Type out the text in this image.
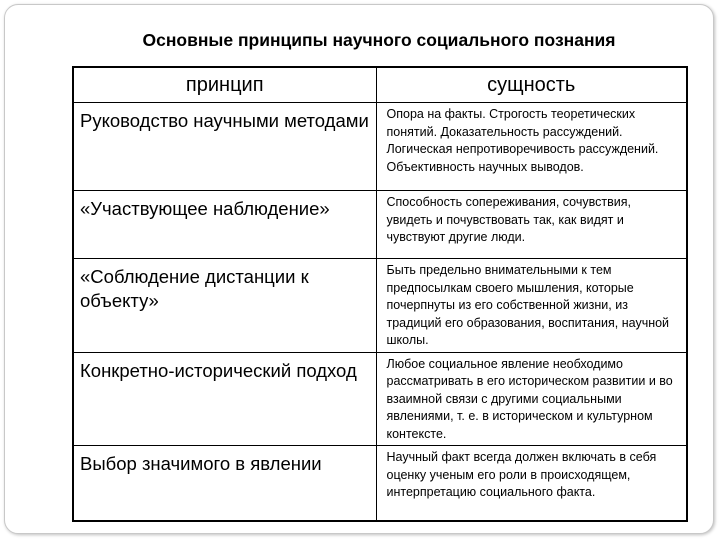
Основные принципы научного социального познания
принцип	сущность
Руководство научными методами	Опора на факты. Строгость теоретических понятий. Доказательность рассуждений. Логическая непротиворечивость рассуждений. Объективность научных выводов.
«Участвующее наблюдение»	Способность сопереживания, сочувствия, увидеть и почувствовать так, как видят и чувствуют другие люди.
«Соблюдение дистанции к объекту»	Быть предельно внимательными к тем предпосылкам своего мышления, которые почерпнуты из его собственной жизни, из традиций его образования, воспитания, научной школы.
Конкретно-исторический подход	Любое социальное явление необходимо рассматривать в его историческом развитии и во взаимной связи с другими социальными явлениями, т. е. в историческом и культурном контексте.
Выбор значимого в явлении	Научный факт всегда должен включать в себя оценку ученым его роли в происходящем, интерпретацию социального факта.
